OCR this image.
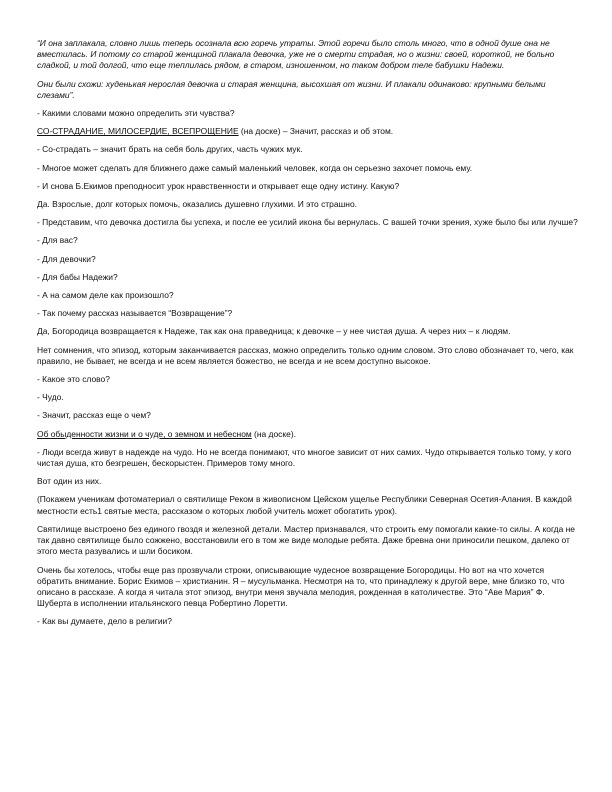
“И она заплакала, словно лишь теперь осознала всю горечь утраты. Этой горечи было столь много, что в одной душе она не вместилась. И потому со старой женщиной плакала девочка, уже не о смерти страдая, но о жизни: своей, короткой, не больно сладкой, и той долгой, что еще теплилась рядом, в старом, изношенном, но таком добром теле бабушки Надежи.

Они были схожи: худенькая нерослая девочка и старая женщина, высохшая от жизни. И плакали одинаково: крупными белыми слезами”.

- Какими словами можно определить эти чувства?

СО-СТРАДАНИЕ, МИЛОСЕРДИЕ, ВСЕПРОЩЕНИЕ (на доске) – Значит, рассказ и об этом.

- Со-страдать – значит брать на себя боль других, часть чужих мук.

- Многое может сделать для ближнего даже самый маленький человек, когда он серьезно захочет помочь ему.

- И снова Б.Екимов преподносит урок нравственности и открывает еще одну истину. Какую?

Да. Взрослые, долг которых помочь, оказались душевно глухими. И это страшно.

- Представим, что девочка достигла бы успеха, и после ее усилий икона бы вернулась. С вашей точки зрения, хуже было бы или лучше?

- Для вас?

- Для девочки?

- Для бабы Надежи?

- А на самом деле как произошло?

- Так почему рассказ называется “Возвращение”?

Да, Богородица возвращается к Надеже, так как она праведница; к девочке – у нее чистая душа. А через них – к людям.

Нет сомнения, что эпизод, которым заканчивается рассказ, можно определить только одним словом. Это слово обозначает то, чего, как правило, не бывает, не всегда и не всем является божество, не всегда и не всем доступно высокое.

- Какое это слово?

- Чудо.

- Значит, рассказ еще о чем?

Об обыденности жизни и о чуде, о земном и небесном (на доске).

- Люди всегда живут в надежде на чудо. Но не всегда понимают, что многое зависит от них самих. Чудо открывается только тому, у кого чистая душа, кто безгрешен, бескорыстен. Примеров тому много.

Вот один из них.

(Покажем ученикам фотоматериал о святилище Реком в живописном Цейском ущелье Республики Северная Осетия-Алания. В каждой местности есть1 святые места, рассказом о которых любой учитель может обогатить урок).

Святилище выстроено без единого гвоздя и железной детали. Мастер признавался, что строить ему помогали какие-то силы. А когда не так давно святилище было сожжено, восстановили его в том же виде молодые ребята. Даже бревна они приносили пешком, далеко от этого места разувались и шли босиком.

Очень бы хотелось, чтобы еще раз прозвучали строки, описывающие чудесное возвращение Богородицы. Но вот на что хочется обратить внимание. Борис Екимов – христианин. Я – мусульманка. Несмотря на то, что принадлежу к другой вере, мне близко то, что описано в рассказе. А когда я читала этот эпизод, внутри меня звучала мелодия, рожденная в католичестве. Это “Аве Мария” Ф. Шуберта в исполнении итальянского певца Робертино Лоретти.

- Как вы думаете, дело в религии?
